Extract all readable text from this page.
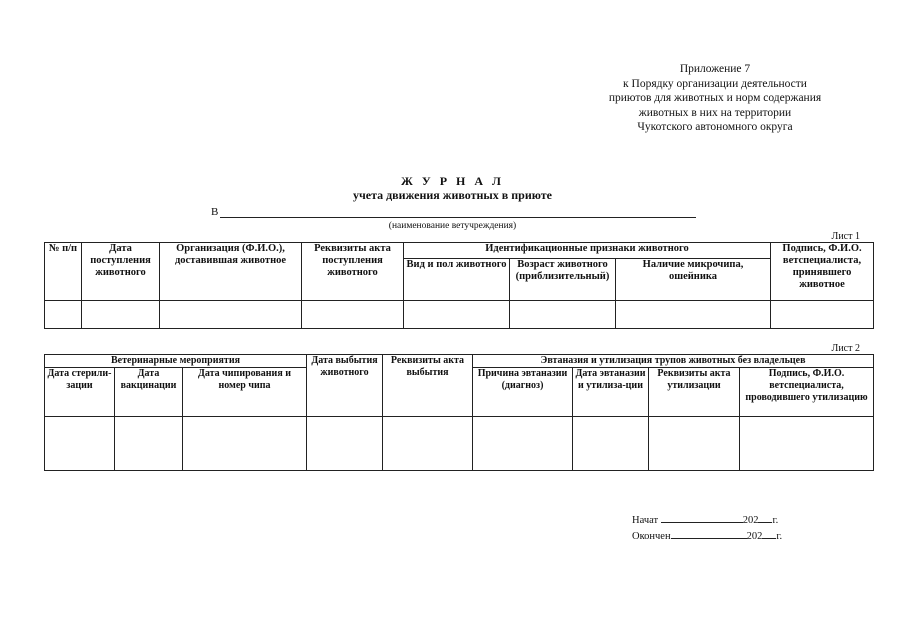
Приложение 7
к Порядку организации деятельности
приютов для животных и норм содержания
животных в них на территории
Чукотского автономного округа
Ж У Р Н А Л
учета движения животных в приюте
В
(наименование ветучреждения)
Лист 1
№ п/п	Дата поступления животного	Организация (Ф.И.О.), доставившая животное	Реквизиты акта поступления животного	Идентификационные признаки животного			Подпись, Ф.И.О. ветспециалиста, принявшего животное
				Вид и пол животного	Возраст животного (приблизительный)	Наличие микрочипа, ошейника	

Лист 2
Ветеринарные мероприятия			Дата выбытия животного	Реквизиты акта выбытия	Эвтаназия и утилизация трупов животных без владельцев			
Дата стерили-зации	Дата вакцинации	Дата чипирования и номер чипа			Причина эвтаназии (диагноз)	Дата эвтаназии и утилиза-ции	Реквизиты акта утилизации	Подпись, Ф.И.О. ветспециалиста, проводившего утилизацию

Начат	202 г.
Окончен	202 г.
